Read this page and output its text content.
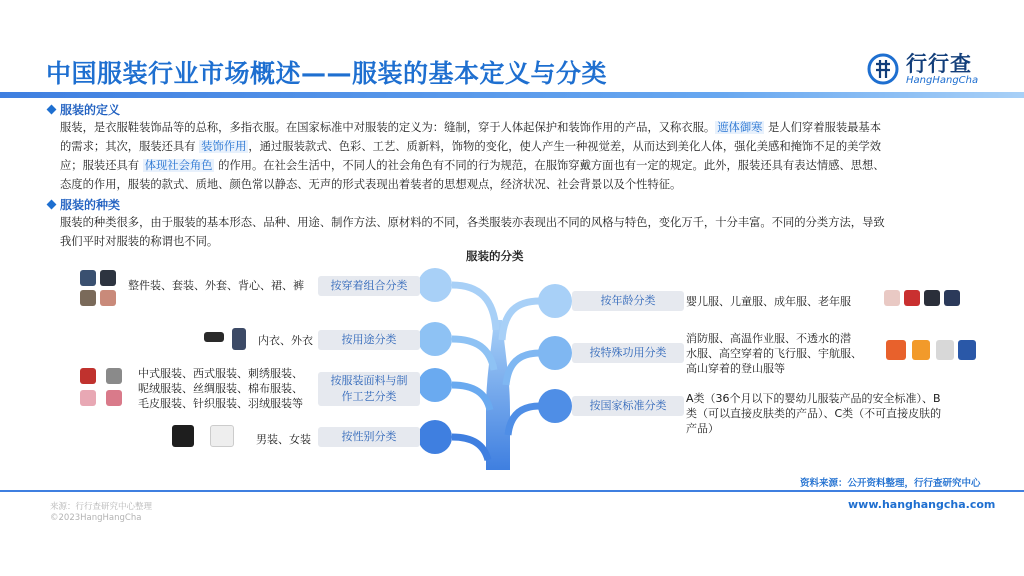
中国服装行业市场概述——服装的基本定义与分类	行行查
HangHangCha
服装的定义
服装，是衣服鞋装饰品等的总称，多指衣服。在国家标准中对服装的定义为：缝制，穿于人体起保护和装饰作用的产品，又称衣服。 遮体御寒 是人们穿着服装最基本
的需求；其次，服装还具有 装饰作用 ，通过服装款式、色彩、工艺、质新料，饰物的变化，使人产生一种视觉差，从而达到美化人体，强化美感和掩饰不足的美学效
应；服装还具有 体现社会角色 的作用。在社会生活中，不同人的社会角色有不同的行为规范，在服饰穿戴方面也有一定的规定。此外，服装还具有表达情感、思想、
态度的作用，服装的款式、质地、颜色常以静态、无声的形式表现出着装者的思想观点，经济状况、社会背景以及个性特征。
服装的种类
服装的种类很多，由于服装的基本形态、品种、用途、制作方法、原材料的不同，各类服装亦表现出不同的风格与特色，变化万千，十分丰富。不同的分类方法，导致
我们平时对服装的称谓也不同。
服装的分类
按穿着组合分类
按用途分类
按服装面料与制
作工艺分类
按性别分类
按年龄分类
按特殊功用分类
按国家标准分类
整件装、套装、外套、背心、裙、裤
内衣、外衣
中式服装、西式服装、刺绣服装、
呢绒服装、丝绸服装、棉布服装、
毛皮服装、针织服装、羽绒服装等
男装、女装
婴儿服、儿童服、成年服、老年服
消防服、高温作业服、不透水的潜
水服、高空穿着的飞行服、宇航服、
高山穿着的登山服等
A类（36个月以下的婴幼儿服装产品的安全标准）、B
类（可以直接皮肤类的产品）、C类（不可直接皮肤的
产品）
资料来源：公开资料整理，行行查研究中心
来源：行行查研究中心整理
©2023HangHangCha
www.hanghangcha.com
